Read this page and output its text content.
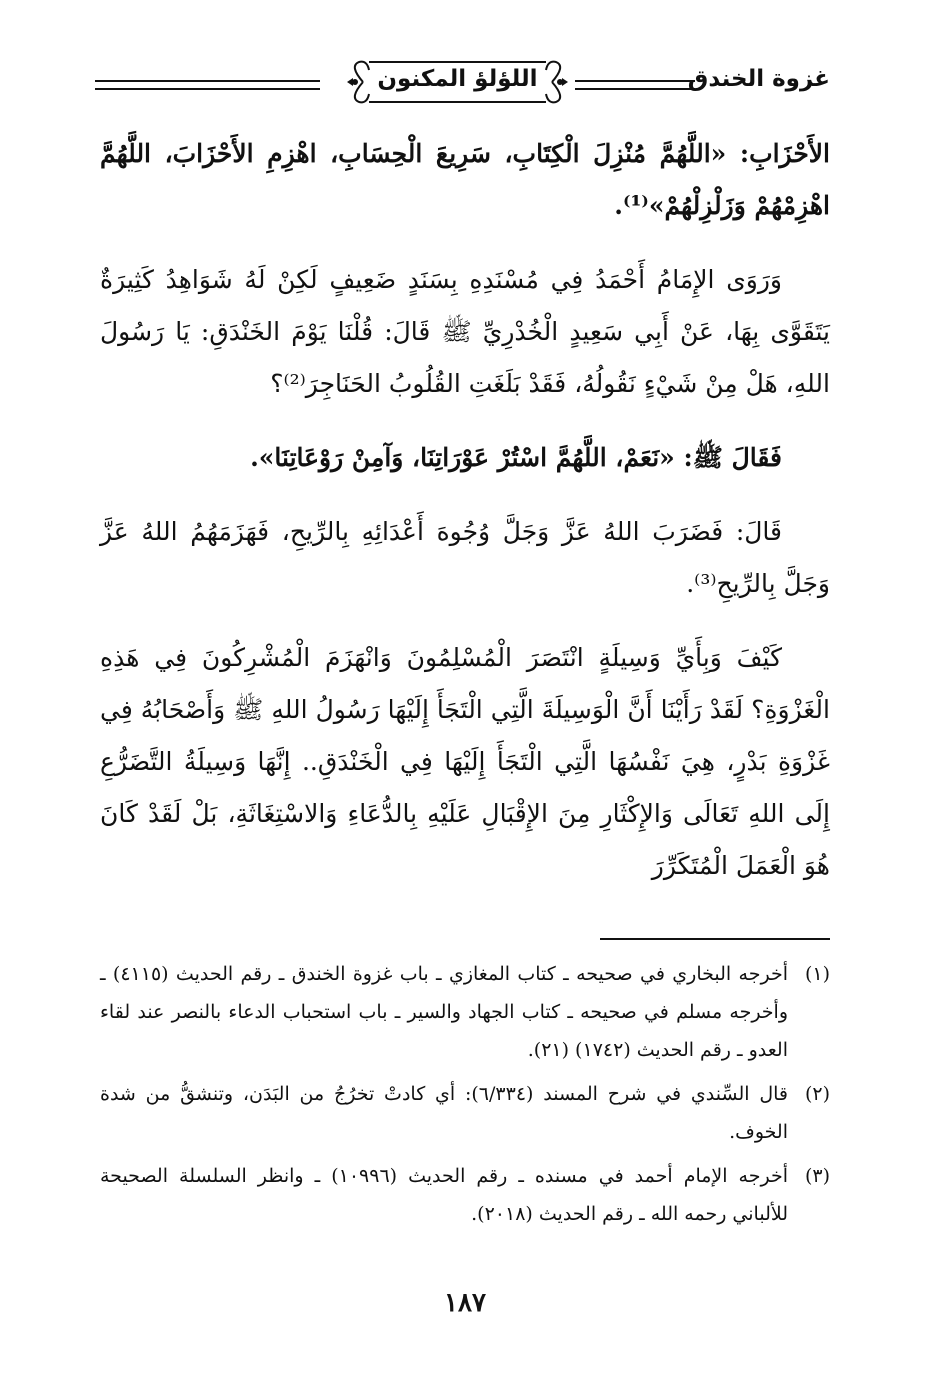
غزوة الخندق
اللؤلؤ المكنون

الأَحْزَابِ: «اللَّهُمَّ مُنْزِلَ الْكِتَابِ، سَرِيعَ الْحِسَابِ، اهْزِمِ الأَحْزَابَ، اللَّهُمَّ اهْزِمْهُمْ وَزَلْزِلْهُمْ»⁽¹⁾.

وَرَوَى الإِمَامُ أَحْمَدُ فِي مُسْنَدِهِ بِسَنَدٍ ضَعِيفٍ لَكِنْ لَهُ شَوَاهِدُ كَثِيرَةٌ يَتَقَوَّى بِهَا، عَنْ أَبِي سَعِيدٍ الْخُدْرِيِّ ﷺ قَالَ: قُلْنَا يَوْمَ الخَنْدَقِ: يَا رَسُولَ اللهِ، هَلْ مِنْ شَيْءٍ نَقُولُهُ، فَقَدْ بَلَغَتِ القُلُوبُ الحَنَاجِرَ⁽²⁾؟

فَقَالَ ﷺ: «نَعَمْ، اللَّهُمَّ اسْتُرْ عَوْرَاتِنَا، وَآمِنْ رَوْعَاتِنَا».

قَالَ: فَضَرَبَ اللهُ عَزَّ وَجَلَّ وُجُوهَ أَعْدَائِهِ بِالرِّيحِ، فَهَزَمَهُمُ اللهُ عَزَّ وَجَلَّ بِالرِّيحِ⁽³⁾.

كَيْفَ وَبِأَيِّ وَسِيلَةٍ انْتَصَرَ الْمُسْلِمُونَ وَانْهَزَمَ الْمُشْرِكُونَ فِي هَذِهِ الْغَزْوَةِ؟ لَقَدْ رَأَيْنَا أَنَّ الْوَسِيلَةَ الَّتِي الْتَجَأَ إِلَيْهَا رَسُولُ اللهِ ﷺ وَأَصْحَابُهُ فِي غَزْوَةِ بَدْرٍ، هِيَ نَفْسُهَا الَّتِي الْتَجَأَ إِلَيْهَا فِي الْخَنْدَقِ.. إِنَّهَا وَسِيلَةُ التَّضَرُّعِ إِلَى اللهِ تَعَالَى وَالإِكْثَارِ مِنَ الإِقْبَالِ عَلَيْهِ بِالدُّعَاءِ وَالاسْتِغَاثَةِ، بَلْ لَقَدْ كَانَ هُوَ الْعَمَلَ الْمُتَكَرِّرَ

(١)
أخرجه البخاري في صحيحه ـ كتاب المغازي ـ باب غزوة الخندق ـ رقم الحديث (٤١١٥) ـ وأخرجه مسلم في صحيحه ـ كتاب الجهاد والسير ـ باب استحباب الدعاء بالنصر عند لقاء العدو ـ رقم الحديث (١٧٤٢) (٢١).
(٢)
قال السِّندي في شرح المسند (٦/٣٣٤): أي كادتْ تخرُجُ من البَدَن، وتنشقُّ من شدة الخوف.
(٣)
أخرجه الإمام أحمد في مسنده ـ رقم الحديث (١٠٩٩٦) ـ وانظر السلسلة الصحيحة للألباني رحمه الله ـ رقم الحديث (٢٠١٨).
١٨٧
